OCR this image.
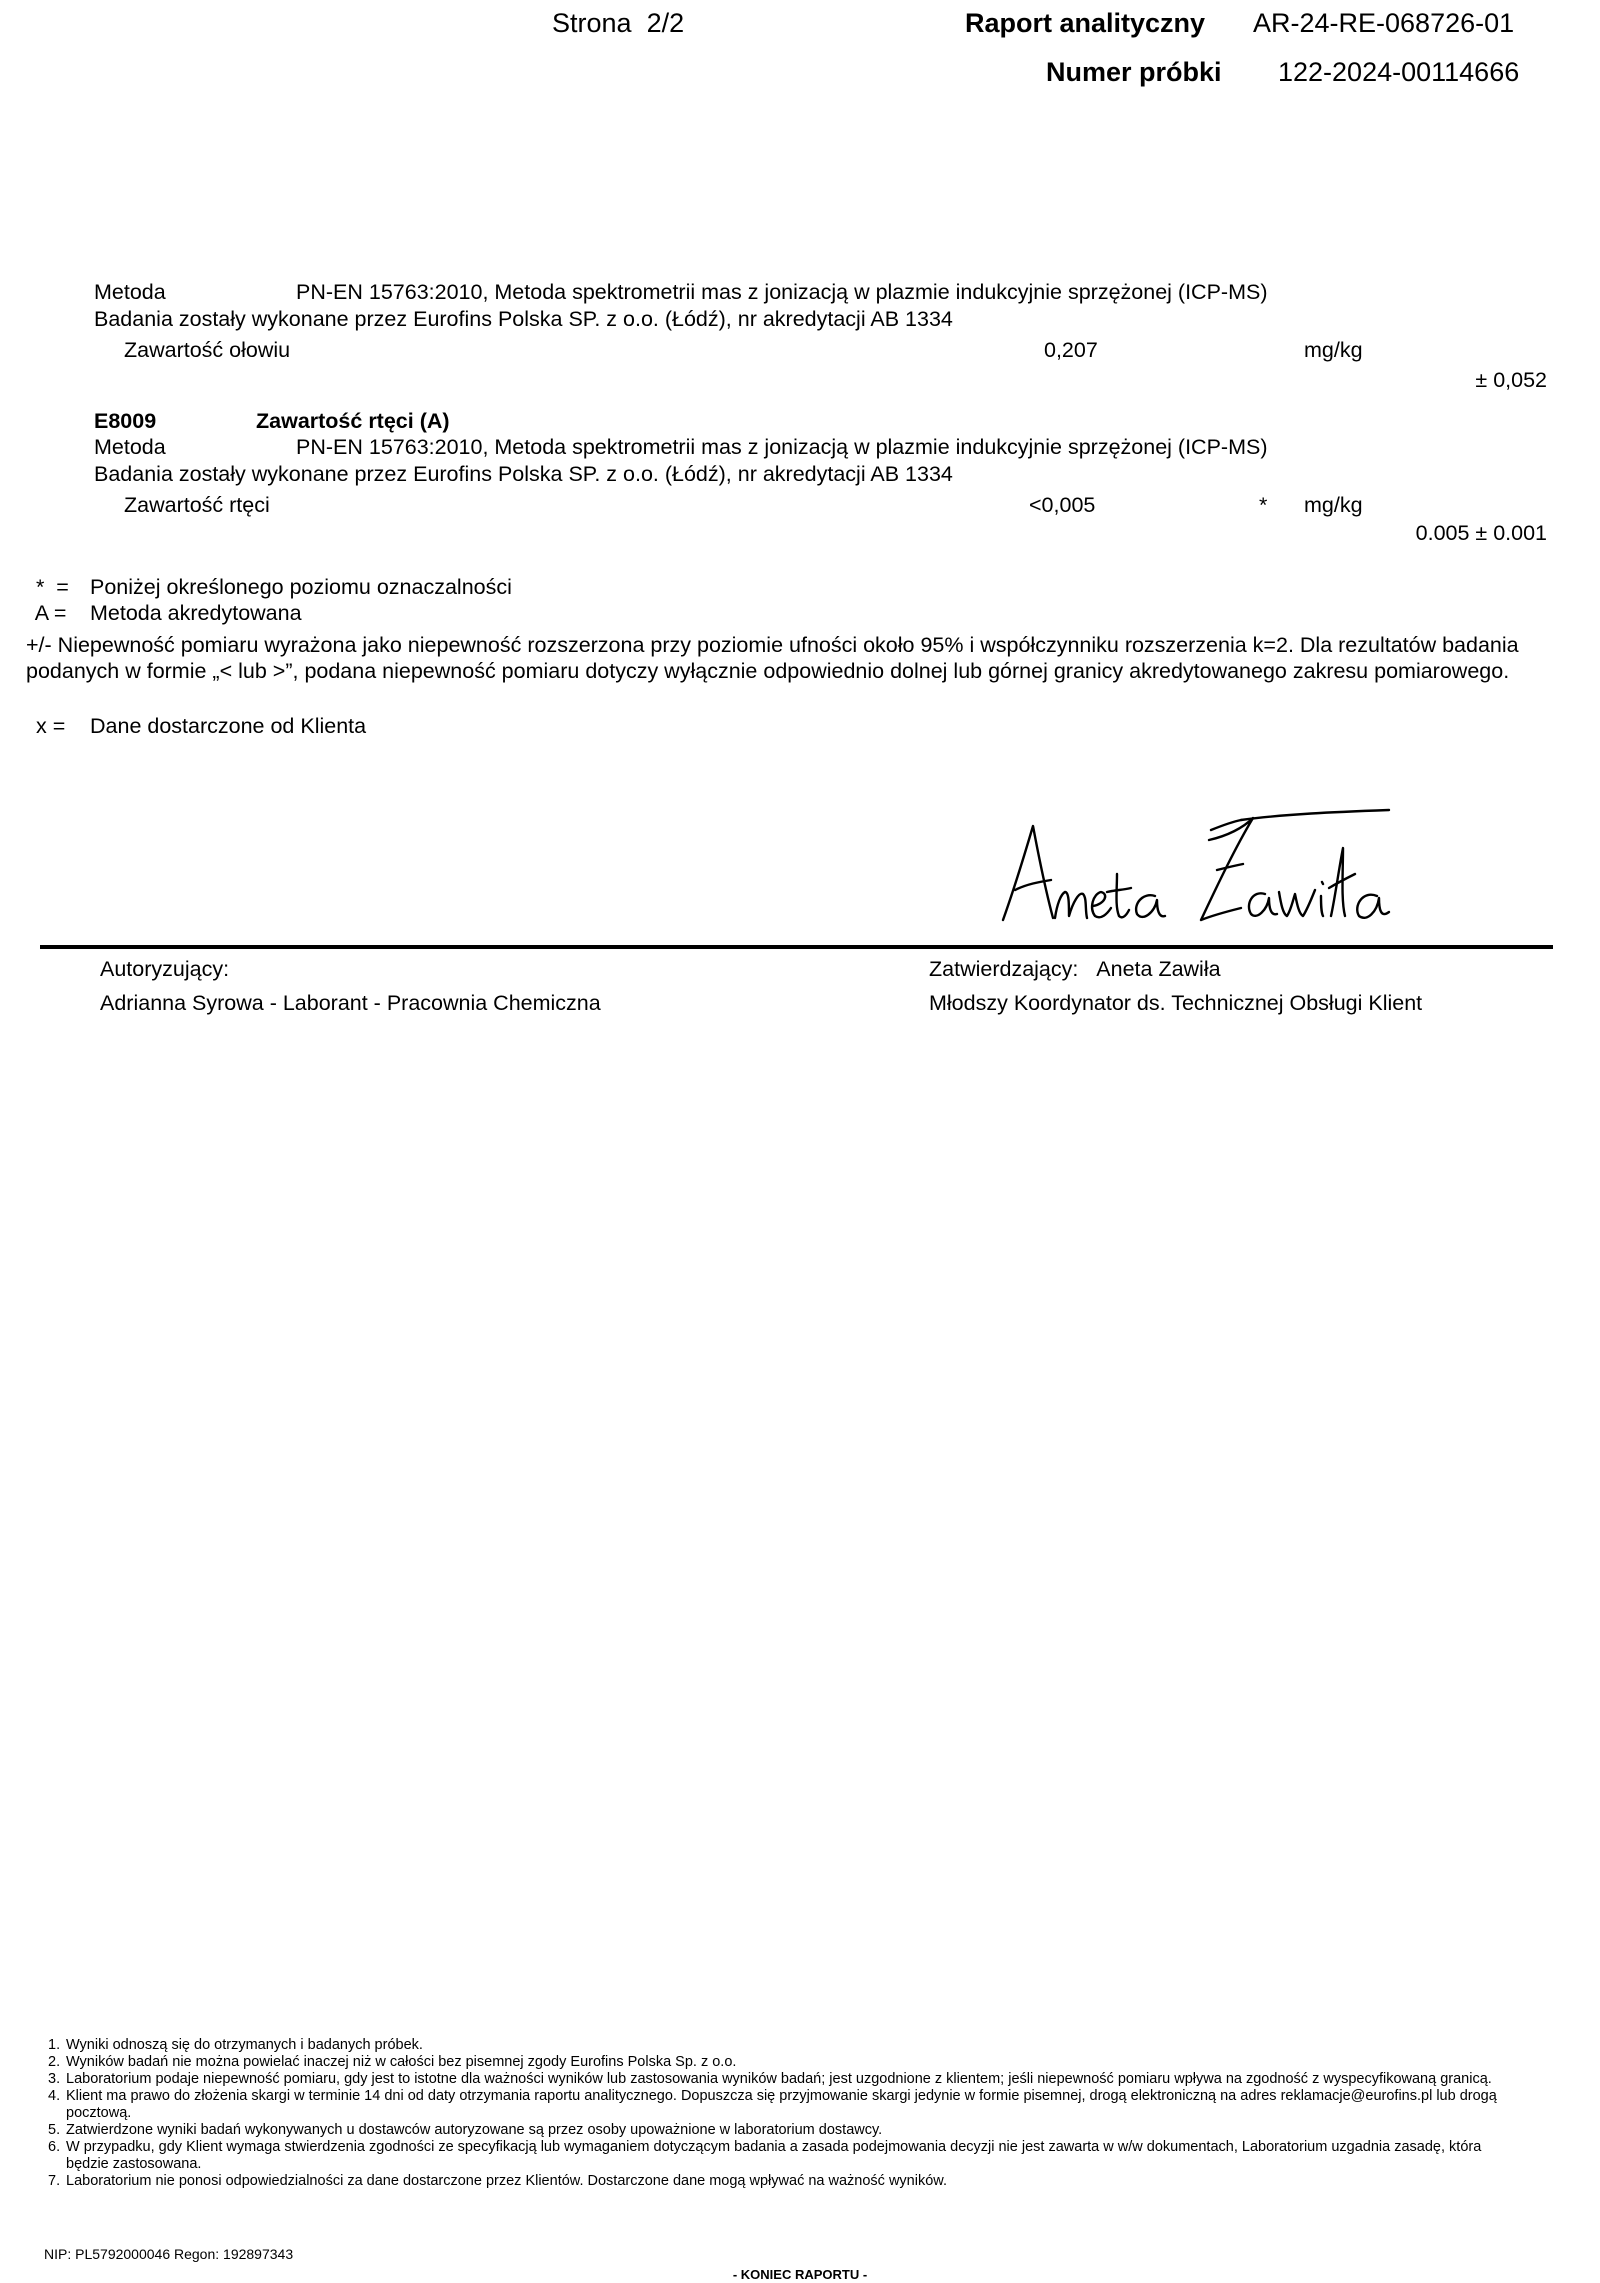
Strona 2/2	Raport analityczny AR-24-RE-068726-01
Numer próbki 122-2024-00114666
Metoda	PN-EN 15763:2010, Metoda spektrometrii mas z jonizacją w plazmie indukcyjnie sprzężonej (ICP-MS)
Badania zostały wykonane przez Eurofins Polska SP. z o.o. (Łódź), nr akredytacji AB 1334
Zawartość ołowiu	0,207	mg/kg
± 0,052
E8009	Zawartość rtęci (A)
Metoda	PN-EN 15763:2010, Metoda spektrometrii mas z jonizacją w plazmie indukcyjnie sprzężonej (ICP-MS)
Badania zostały wykonane przez Eurofins Polska SP. z o.o. (Łódź), nr akredytacji AB 1334
Zawartość rtęci	<0,005	* mg/kg
0.005 ± 0.001
*  = Poniżej określonego poziomu oznaczalności
A = Metoda akredytowana
+/- Niepewność pomiaru wyrażona jako niepewność rozszerzona przy poziomie ufności około 95% i współczynniku rozszerzenia k=2. Dla rezultatów badania podanych w formie „< lub >”, podana niepewność pomiaru dotyczy wyłącznie odpowiednio dolnej lub górnej granicy akredytowanego zakresu pomiarowego.
x = Dane dostarczone od Klienta
Autoryzujący:
Adrianna Syrowa - Laborant - Pracownia Chemiczna
Zatwierdzający: Aneta Zawiła
Młodszy Koordynator ds. Technicznej Obsługi Klient
1. Wyniki odnoszą się do otrzymanych i badanych próbek.
2. Wyników badań nie można powielać inaczej niż w całości bez pisemnej zgody Eurofins Polska Sp. z o.o.
3. Laboratorium podaje niepewność pomiaru, gdy jest to istotne dla ważności wyników lub zastosowania wyników badań; jest uzgodnione z klientem; jeśli niepewność pomiaru wpływa na zgodność z wyspecyfikowaną granicą.
4. Klient ma prawo do złożenia skargi w terminie 14 dni od daty otrzymania raportu analitycznego. Dopuszcza się przyjmowanie skargi jedynie w formie pisemnej, drogą elektroniczną na adres reklamacje@eurofins.pl lub drogą pocztową.
5. Zatwierdzone wyniki badań wykonywanych u dostawców autoryzowane są przez osoby upoważnione w laboratorium dostawcy.
6. W przypadku, gdy Klient wymaga stwierdzenia zgodności ze specyfikacją lub wymaganiem dotyczącym badania a zasada podejmowania decyzji nie jest zawarta w w/w dokumentach, Laboratorium uzgadnia zasadę, która będzie zastosowana.
7. Laboratorium nie ponosi odpowiedzialności za dane dostarczone przez Klientów. Dostarczone dane mogą wpływać na ważność wyników.
NIP: PL5792000046 Regon: 192897343
- KONIEC RAPORTU -
